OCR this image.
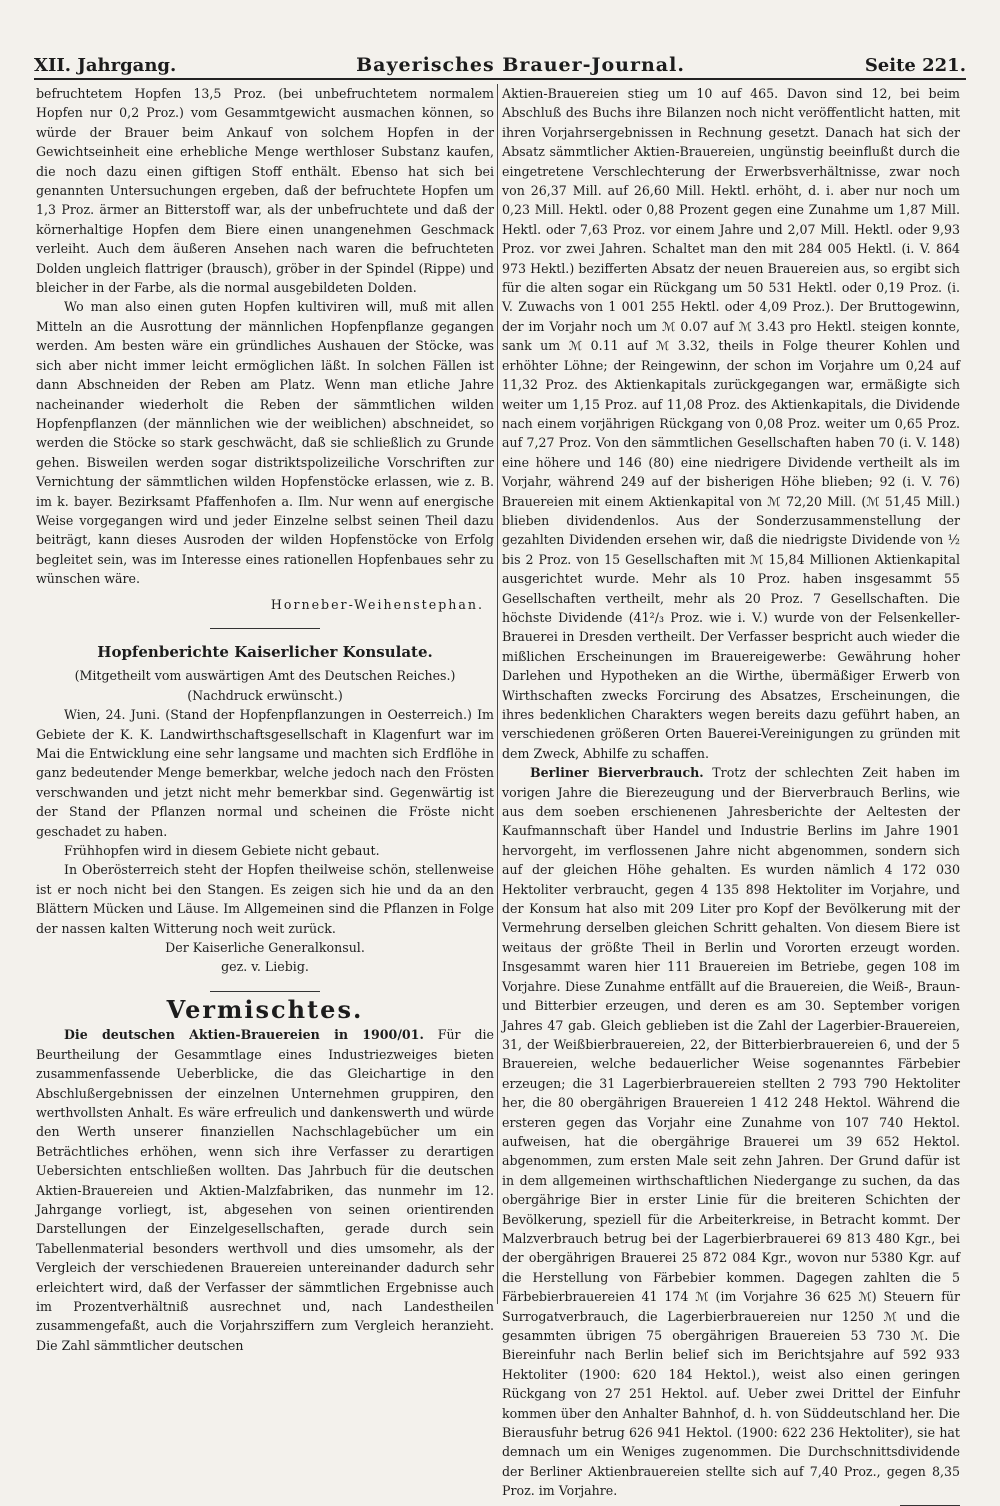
XII. Jahrgang.	Bayerisches Brauer-Journal.	Seite 221.

befruchtetem Hopfen 13,5 Proz. (bei unbefruchtetem normalem Hopfen nur 0,2 Proz.) vom Gesammtgewicht ausmachen können, so würde der Brauer beim Ankauf von solchem Hopfen in der Gewichtseinheit eine erhebliche Menge werthloser Substanz kaufen, die noch dazu einen giftigen Stoff enthält. Ebenso hat sich bei genannten Untersuchungen ergeben, daß der befruchtete Hopfen um 1,3 Proz. ärmer an Bitterstoff war, als der unbefruchtete und daß der körnerhaltige Hopfen dem Biere einen unangenehmen Geschmack verleiht. Auch dem äußeren Ansehen nach waren die befruchteten Dolden ungleich flattriger (brausch), gröber in der Spindel (Rippe) und bleicher in der Farbe, als die normal ausgebildeten Dolden.

Wo man also einen guten Hopfen kultiviren will, muß mit allen Mitteln an die Ausrottung der männlichen Hopfenpflanze gegangen werden. Am besten wäre ein gründliches Aushauen der Stöcke, was sich aber nicht immer leicht ermöglichen läßt. In solchen Fällen ist dann Abschneiden der Reben am Platz. Wenn man etliche Jahre nacheinander wiederholt die Reben der sämmtlichen wilden Hopfenpflanzen (der männlichen wie der weiblichen) abschneidet, so werden die Stöcke so stark geschwächt, daß sie schließlich zu Grunde gehen. Bisweilen werden sogar distriktspolizeiliche Vorschriften zur Vernichtung der sämmtlichen wilden Hopfenstöcke erlassen, wie z. B. im k. bayer. Bezirksamt Pfaffenhofen a. Ilm. Nur wenn auf energische Weise vorgegangen wird und jeder Einzelne selbst seinen Theil dazu beiträgt, kann dieses Ausroden der wilden Hopfenstöcke von Erfolg begleitet sein, was im Interesse eines rationellen Hopfenbaues sehr zu wünschen wäre.

Horneber-Weihenstephan.
Hopfenberichte Kaiserlicher Konsulate.

(Mitgetheilt vom auswärtigen Amt des Deutschen Reiches.)

(Nachdruck erwünscht.)

Wien, 24. Juni. (Stand der Hopfenpflanzungen in Oesterreich.) Im Gebiete der K. K. Landwirthschaftsgesellschaft in Klagenfurt war im Mai die Entwicklung eine sehr langsame und machten sich Erdflöhe in ganz bedeutender Menge bemerkbar, welche jedoch nach den Frösten verschwanden und jetzt nicht mehr bemerkbar sind. Gegenwärtig ist der Stand der Pflanzen normal und scheinen die Fröste nicht geschadet zu haben.

Frühhopfen wird in diesem Gebiete nicht gebaut.

In Oberösterreich steht der Hopfen theilweise schön, stellenweise ist er noch nicht bei den Stangen. Es zeigen sich hie und da an den Blättern Mücken und Läuse. Im Allgemeinen sind die Pflanzen in Folge der nassen kalten Witterung noch weit zurück.

Der Kaiserliche Generalkonsul.

gez. v. Liebig.

Vermischtes.

Die deutschen Aktien-Brauereien in 1900/01. Für die Beurtheilung der Gesammtlage eines Industriezweiges bieten zusammenfassende Ueberblicke, die das Gleichartige in den Abschlußergebnissen der einzelnen Unternehmen gruppiren, den werthvollsten Anhalt. Es wäre erfreulich und dankenswerth und würde den Werth unserer finanziellen Nachschlagebücher um ein Beträchtliches erhöhen, wenn sich ihre Verfasser zu derartigen Uebersichten entschließen wollten. Das Jahrbuch für die deutschen Aktien-Brauereien und Aktien-Malzfabriken, das nunmehr im 12. Jahrgange vorliegt, ist, abgesehen von seinen orientirenden Darstellungen der Einzelgesellschaften, gerade durch sein Tabellenmaterial besonders werthvoll und dies umsomehr, als der Vergleich der verschiedenen Brauereien untereinander dadurch sehr erleichtert wird, daß der Verfasser der sämmtlichen Ergebnisse auch im Prozentverhältniß ausrechnet und, nach Landestheilen zusammengefaßt, auch die Vorjahrsziffern zum Vergleich heranzieht. Die Zahl sämmtlicher deutschen

Aktien-Brauereien stieg um 10 auf 465. Davon sind 12, bei beim Abschluß des Buchs ihre Bilanzen noch nicht veröffentlicht hatten, mit ihren Vorjahrsergebnissen in Rechnung gesetzt. Danach hat sich der Absatz sämmtlicher Aktien-Brauereien, ungünstig beeinflußt durch die eingetretene Verschlechterung der Erwerbsverhältnisse, zwar noch von 26,37 Mill. auf 26,60 Mill. Hektl. erhöht, d. i. aber nur noch um 0,23 Mill. Hektl. oder 0,88 Prozent gegen eine Zunahme um 1,87 Mill. Hektl. oder 7,63 Proz. vor einem Jahre und 2,07 Mill. Hektl. oder 9,93 Proz. vor zwei Jahren. Schaltet man den mit 284 005 Hektl. (i. V. 864 973 Hektl.) bezifferten Absatz der neuen Brauereien aus, so ergibt sich für die alten sogar ein Rückgang um 50 531 Hektl. oder 0,19 Proz. (i. V. Zuwachs von 1 001 255 Hektl. oder 4,09 Proz.). Der Bruttogewinn, der im Vorjahr noch um ℳ 0.07 auf ℳ 3.43 pro Hektl. steigen konnte, sank um ℳ 0.11 auf ℳ 3.32, theils in Folge theurer Kohlen und erhöhter Löhne; der Reingewinn, der schon im Vorjahre um 0,24 auf 11,32 Proz. des Aktienkapitals zurückgegangen war, ermäßigte sich weiter um 1,15 Proz. auf 11,08 Proz. des Aktienkapitals, die Dividende nach einem vorjährigen Rückgang von 0,08 Proz. weiter um 0,65 Proz. auf 7,27 Proz. Von den sämmtlichen Gesellschaften haben 70 (i. V. 148) eine höhere und 146 (80) eine niedrigere Dividende vertheilt als im Vorjahr, während 249 auf der bisherigen Höhe blieben; 92 (i. V. 76) Brauereien mit einem Aktienkapital von ℳ 72,20 Mill. (ℳ 51,45 Mill.) blieben dividendenlos. Aus der Sonderzusammenstellung der gezahlten Dividenden ersehen wir, daß die niedrigste Dividende von ½ bis 2 Proz. von 15 Gesellschaften mit ℳ 15,84 Millionen Aktienkapital ausgerichtet wurde. Mehr als 10 Proz. haben insgesammt 55 Gesellschaften vertheilt, mehr als 20 Proz. 7 Gesellschaften. Die höchste Dividende (41²/₃ Proz. wie i. V.) wurde von der Felsenkeller-Brauerei in Dresden vertheilt. Der Verfasser bespricht auch wieder die mißlichen Erscheinungen im Brauereigewerbe: Gewährung hoher Darlehen und Hypotheken an die Wirthe, übermäßiger Erwerb von Wirthschaften zwecks Forcirung des Absatzes, Erscheinungen, die ihres bedenklichen Charakters wegen bereits dazu geführt haben, an verschiedenen größeren Orten Bauerei-Vereinigungen zu gründen mit dem Zweck, Abhilfe zu schaffen.

Berliner Bierverbrauch. Trotz der schlechten Zeit haben im vorigen Jahre die Bierezeugung und der Bierverbrauch Berlins, wie aus dem soeben erschienenen Jahresberichte der Aeltesten der Kaufmannschaft über Handel und Industrie Berlins im Jahre 1901 hervorgeht, im verflossenen Jahre nicht abgenommen, sondern sich auf der gleichen Höhe gehalten. Es wurden nämlich 4 172 030 Hektoliter verbraucht, gegen 4 135 898 Hektoliter im Vorjahre, und der Konsum hat also mit 209 Liter pro Kopf der Bevölkerung mit der Vermehrung derselben gleichen Schritt gehalten. Von diesem Biere ist weitaus der größte Theil in Berlin und Vororten erzeugt worden. Insgesammt waren hier 111 Brauereien im Betriebe, gegen 108 im Vorjahre. Diese Zunahme entfällt auf die Brauereien, die Weiß-, Braun- und Bitterbier erzeugen, und deren es am 30. September vorigen Jahres 47 gab. Gleich geblieben ist die Zahl der Lagerbier-Brauereien, 31, der Weißbierbrauereien, 22, der Bitterbierbrauereien 6, und der 5 Brauereien, welche bedauerlicher Weise sogenanntes Färbebier erzeugen; die 31 Lagerbierbrauereien stellten 2 793 790 Hektoliter her, die 80 obergährigen Brauereien 1 412 248 Hektol. Während die ersteren gegen das Vorjahr eine Zunahme von 107 740 Hektol. aufweisen, hat die obergährige Brauerei um 39 652 Hektol. abgenommen, zum ersten Male seit zehn Jahren. Der Grund dafür ist in dem allgemeinen wirthschaftlichen Niedergange zu suchen, da das obergährige Bier in erster Linie für die breiteren Schichten der Bevölkerung, speziell für die Arbeiterkreise, in Betracht kommt. Der Malzverbrauch betrug bei der Lagerbierbrauerei 69 813 480 Kgr., bei der obergährigen Brauerei 25 872 084 Kgr., wovon nur 5380 Kgr. auf die Herstellung von Färbebier kommen. Dagegen zahlten die 5 Färbebierbrauereien 41 174 ℳ (im Vorjahre 36 625 ℳ) Steuern für Surrogatverbrauch, die Lagerbierbrauereien nur 1250 ℳ und die gesammten übrigen 75 obergährigen Brauereien 53 730 ℳ. Die Biereinfuhr nach Berlin belief sich im Berichtsjahre auf 592 933 Hektoliter (1900: 620 184 Hektol.), weist also einen geringen Rückgang von 27 251 Hektol. auf. Ueber zwei Drittel der Einfuhr kommen über den Anhalter Bahnhof, d. h. von Süddeutschland her. Die Bierausfuhr betrug 626 941 Hektol. (1900: 622 236 Hektoliter), sie hat demnach um ein Weniges zugenommen. Die Durchschnittsdividende der Berliner Aktienbrauereien stellte sich auf 7,40 Proz., gegen 8,35 Proz. im Vorjahre.
